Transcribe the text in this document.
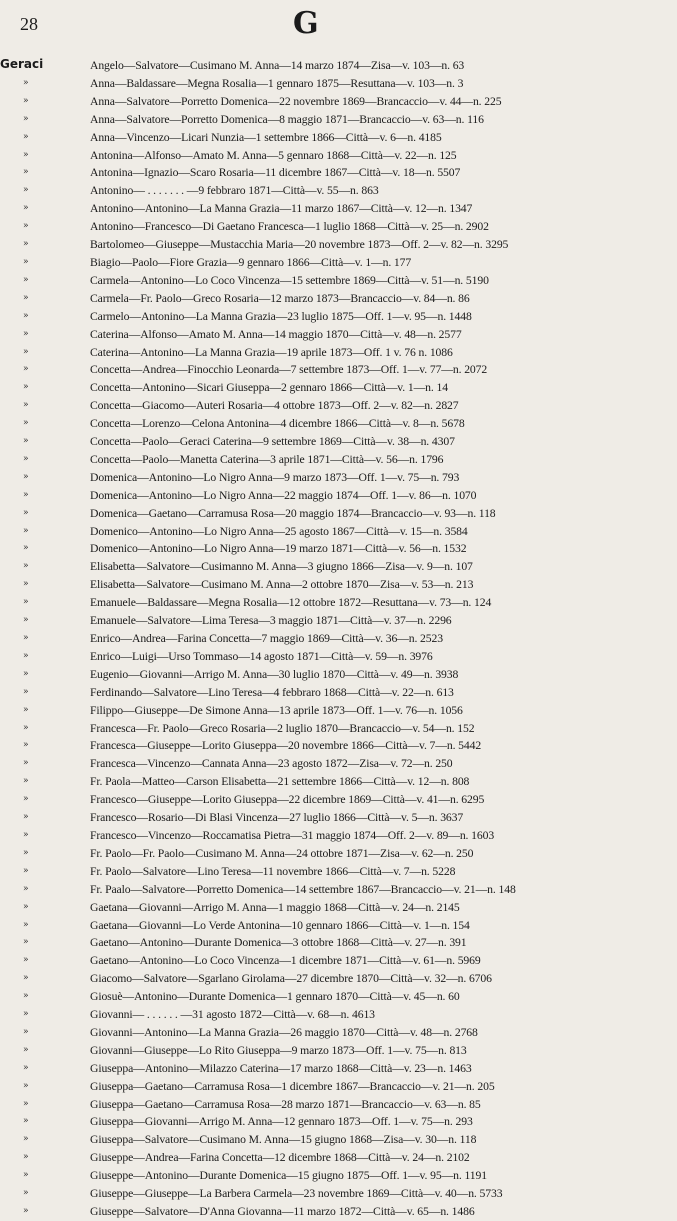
28	G
Geraci	Angelo—Salvatore—Cusimano M. Anna—14 marzo 1874—Zisa—v. 103—n. 63
»	Anna—Baldassare—Megna Rosalia—1 gennaro 1875—Resuttana—v. 103—n. 3
»	Anna—Salvatore—Porretto Domenica—22 novembre 1869—Brancaccio—v. 44—n. 225
»	Anna—Salvatore—Porretto Domenica—8 maggio 1871—Brancaccio—v. 63—n. 116
»	Anna—Vincenzo—Licari Nunzia—1 settembre 1866—Città—v. 6—n. 4185
»	Antonina—Alfonso—Amato M. Anna—5 gennaro 1868—Città—v. 22—n. 125
»	Antonina—Ignazio—Scaro Rosaria—11 dicembre 1867—Città—v. 18—n. 5507
»	Antonino— . . . . . . . —9 febbraro 1871—Città—v. 55—n. 863
»	Antonino—Antonino—La Manna Grazia—11 marzo 1867—Città—v. 12—n. 1347
»	Antonino—Francesco—Di Gaetano Francesca—1 luglio 1868—Città—v. 25—n. 2902
»	Bartolomeo—Giuseppe—Mustacchia Maria—20 novembre 1873—Off. 2—v. 82—n. 3295
»	Biagio—Paolo—Fiore Grazia—9 gennaro 1866—Città—v. 1—n. 177
»	Carmela—Antonino—Lo Coco Vincenza—15 settembre 1869—Città—v. 51—n. 5190
»	Carmela—Fr. Paolo—Greco Rosaria—12 marzo 1873—Brancaccio—v. 84—n. 86
»	Carmelo—Antonino—La Manna Grazia—23 luglio 1875—Off. 1—v. 95—n. 1448
»	Caterina—Alfonso—Amato M. Anna—14 maggio 1870—Città—v. 48—n. 2577
»	Caterina—Antonino—La Manna Grazia—19 aprile 1873—Off. 1 v. 76 n. 1086
»	Concetta—Andrea—Finocchio Leonarda—7 settembre 1873—Off. 1—v. 77—n. 2072
»	Concetta—Antonino—Sicari Giuseppa—2 gennaro 1866—Città—v. 1—n. 14
»	Concetta—Giacomo—Auteri Rosaria—4 ottobre 1873—Off. 2—v. 82—n. 2827
»	Concetta—Lorenzo—Celona Antonina—4 dicembre 1866—Città—v. 8—n. 5678
»	Concetta—Paolo—Geraci Caterina—9 settembre 1869—Città—v. 38—n. 4307
»	Concetta—Paolo—Manetta Caterina—3 aprile 1871—Città—v. 56—n. 1796
»	Domenica—Antonino—Lo Nigro Anna—9 marzo 1873—Off. 1—v. 75—n. 793
»	Domenica—Antonino—Lo Nigro Anna—22 maggio 1874—Off. 1—v. 86—n. 1070
»	Domenica—Gaetano—Carramusa Rosa—20 maggio 1874—Brancaccio—v. 93—n. 118
»	Domenico—Antonino—Lo Nigro Anna—25 agosto 1867—Città—v. 15—n. 3584
»	Domenico—Antonino—Lo Nigro Anna—19 marzo 1871—Città—v. 56—n. 1532
»	Elisabetta—Salvatore—Cusimanno M. Anna—3 giugno 1866—Zisa—v. 9—n. 107
»	Elisabetta—Salvatore—Cusimano M. Anna—2 ottobre 1870—Zisa—v. 53—n. 213
»	Emanuele—Baldassare—Megna Rosalia—12 ottobre 1872—Resuttana—v. 73—n. 124
»	Emanuele—Salvatore—Lima Teresa—3 maggio 1871—Città—v. 37—n. 2296
»	Enrico—Andrea—Farina Concetta—7 maggio 1869—Città—v. 36—n. 2523
»	Enrico—Luigi—Urso Tommaso—14 agosto 1871—Città—v. 59—n. 3976
»	Eugenio—Giovanni—Arrigo M. Anna—30 luglio 1870—Città—v. 49—n. 3938
»	Ferdinando—Salvatore—Lino Teresa—4 febbraro 1868—Città—v. 22—n. 613
»	Filippo—Giuseppe—De Simone Anna—13 aprile 1873—Off. 1—v. 76—n. 1056
»	Francesca—Fr. Paolo—Greco Rosaria—2 luglio 1870—Brancaccio—v. 54—n. 152
»	Francesca—Giuseppe—Lorito Giuseppa—20 novembre 1866—Città—v. 7—n. 5442
»	Francesca—Vincenzo—Cannata Anna—23 agosto 1872—Zisa—v. 72—n. 250
»	Fr. Paola—Matteo—Carson Elisabetta—21 settembre 1866—Città—v. 12—n. 808
»	Francesco—Giuseppe—Lorito Giuseppa—22 dicembre 1869—Città—v. 41—n. 6295
»	Francesco—Rosario—Di Blasi Vincenza—27 luglio 1866—Città—v. 5—n. 3637
»	Francesco—Vincenzo—Roccamatisa Pietra—31 maggio 1874—Off. 2—v. 89—n. 1603
»	Fr. Paolo—Fr. Paolo—Cusimano M. Anna—24 ottobre 1871—Zisa—v. 62—n. 250
»	Fr. Paolo—Salvatore—Lino Teresa—11 novembre 1866—Città—v. 7—n. 5228
»	Fr. Paalo—Salvatore—Porretto Domenica—14 settembre 1867—Brancaccio—v. 21—n. 148
»	Gaetana—Giovanni—Arrigo M. Anna—1 maggio 1868—Città—v. 24—n. 2145
»	Gaetana—Giovanni—Lo Verde Antonina—10 gennaro 1866—Città—v. 1—n. 154
»	Gaetano—Antonino—Durante Domenica—3 ottobre 1868—Città—v. 27—n. 391
»	Gaetano—Antonino—Lo Coco Vincenza—1 dicembre 1871—Città—v. 61—n. 5969
»	Giacomo—Salvatore—Sgarlano Girolama—27 dicembre 1870—Città—v. 32—n. 6706
»	Giosuè—Antonino—Durante Domenica—1 gennaro 1870—Città—v. 45—n. 60
»	Giovanni— . . . . . . —31 agosto 1872—Città—v. 68—n. 4613
»	Giovanni—Antonino—La Manna Grazia—26 maggio 1870—Città—v. 48—n. 2768
»	Giovanni—Giuseppe—Lo Rito Giuseppa—9 marzo 1873—Off. 1—v. 75—n. 813
»	Giuseppa—Antonino—Milazzo Caterina—17 marzo 1868—Città—v. 23—n. 1463
»	Giuseppa—Gaetano—Carramusa Rosa—1 dicembre 1867—Brancaccio—v. 21—n. 205
»	Giuseppa—Gaetano—Carramusa Rosa—28 marzo 1871—Brancaccio—v. 63—n. 85
»	Giuseppa—Giovanni—Arrigo M. Anna—12 gennaro 1873—Off. 1—v. 75—n. 293
»	Giuseppa—Salvatore—Cusimano M. Anna—15 giugno 1868—Zisa—v. 30—n. 118
»	Giuseppe—Andrea—Farina Concetta—12 dicembre 1868—Città—v. 24—n. 2102
»	Giuseppe—Antonino—Durante Domenica—15 giugno 1875—Off. 1—v. 95—n. 1191
»	Giuseppe—Giuseppe—La Barbera Carmela—23 novembre 1869—Città—v. 40—n. 5733
»	Giuseppe—Salvatore—D'Anna Giovanna—11 marzo 1872—Città—v. 65—n. 1486
